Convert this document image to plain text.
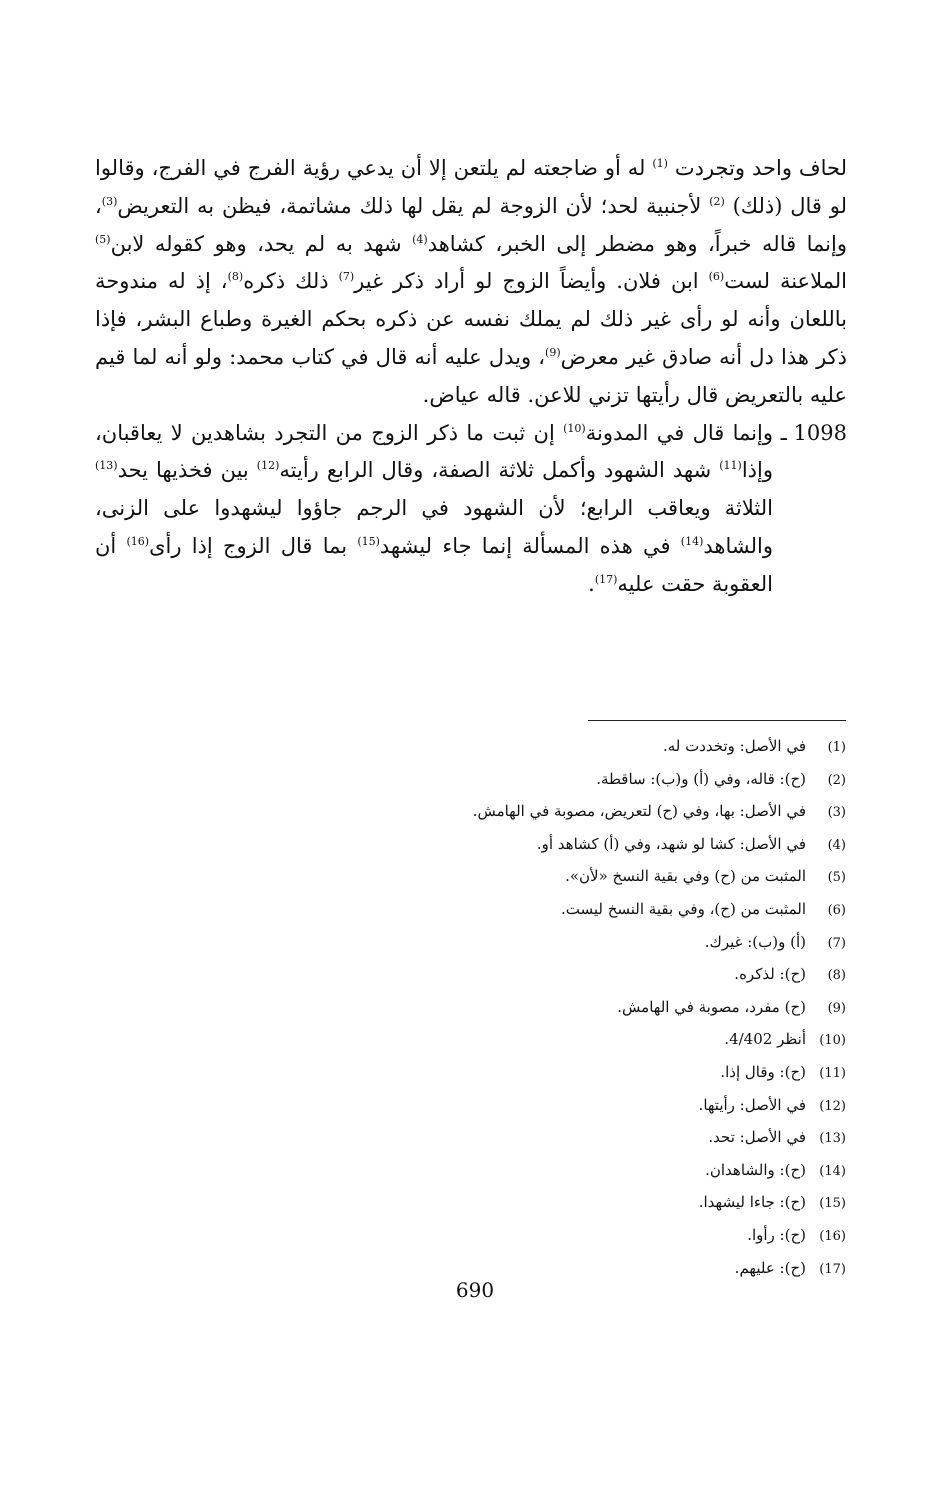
لحاف واحد وتجردت $^{(1)}$ له أو ضاجعته لم يلتعن إلا أن يدعي رؤية الفرج في الفرج، وقالوا لو قال (ذلك) $^{(2)}$ لأجنبية لحد؛ لأن الزوجة لم يقل لها ذلك مشاتمة، فيظن به التعريض$^{(3)}$، وإنما قاله خبراً، وهو مضطر إلى الخبر، كشاهد$^{(4)}$ شهد به لم يحد، وهو كقوله لابن$^{(5)}$ الملاعنة لست$^{(6)}$ ابن فلان. وأيضاً الزوج لو أراد ذكر غير$^{(7)}$ ذلك ذكره$^{(8)}$، إذ له مندوحة باللعان وأنه لو رأى غير ذلك لم يملك نفسه عن ذكره بحكم الغيرة وطباع البشر، فإذا ذكر هذا دل أنه صادق غير معرض$^{(9)}$، ويدل عليه أنه قال في كتاب محمد: ولو أنه لما قيم عليه بالتعريض قال رأيتها تزني للاعن. قاله عياض.

1098 ـ

وإنما قال في المدونة$^{(10)}$ إن ثبت ما ذكر الزوج من التجرد بشاهدين لا يعاقبان، وإذا$^{(11)}$ شهد الشهود وأكمل ثلاثة الصفة، وقال الرابع رأيته$^{(12)}$ بين فخذيها يحد$^{(13)}$ الثلاثة ويعاقب الرابع؛ لأن الشهود في الرجم جاؤوا ليشهدوا على الزنى، والشاهد$^{(14)}$ في هذه المسألة إنما جاء ليشهد$^{(15)}$ بما قال الزوج إذا رأى$^{(16)}$ أن العقوبة حقت عليه$^{(17)}$.

(1)في الأصل: وتخددت له.
(2)(ح): قاله، وفي (أ) و(ب): ساقطة.
(3)في الأصل: بها، وفي (ح) لتعريض، مصوبة في الهامش.
(4)في الأصل: كشا لو شهد، وفي (أ) كشاهد أو.
(5)المثبت من (ح) وفي بقية النسخ «لأن».
(6)المثبت من (ح)، وفي بقية النسخ ليست.
(7)(أ) و(ب): غيرك.
(8)(ح): لذكره.
(9)(ح) مفرد، مصوبة في الهامش.
(10)أنظر 4/402.
(11)(ح): وقال إذا.
(12)في الأصل: رأيتها.
(13)في الأصل: تحد.
(14)(ح): والشاهدان.
(15)(ح): جاءا ليشهدا.
(16)(ح): رأوا.
(17)(ح): عليهم.
690
